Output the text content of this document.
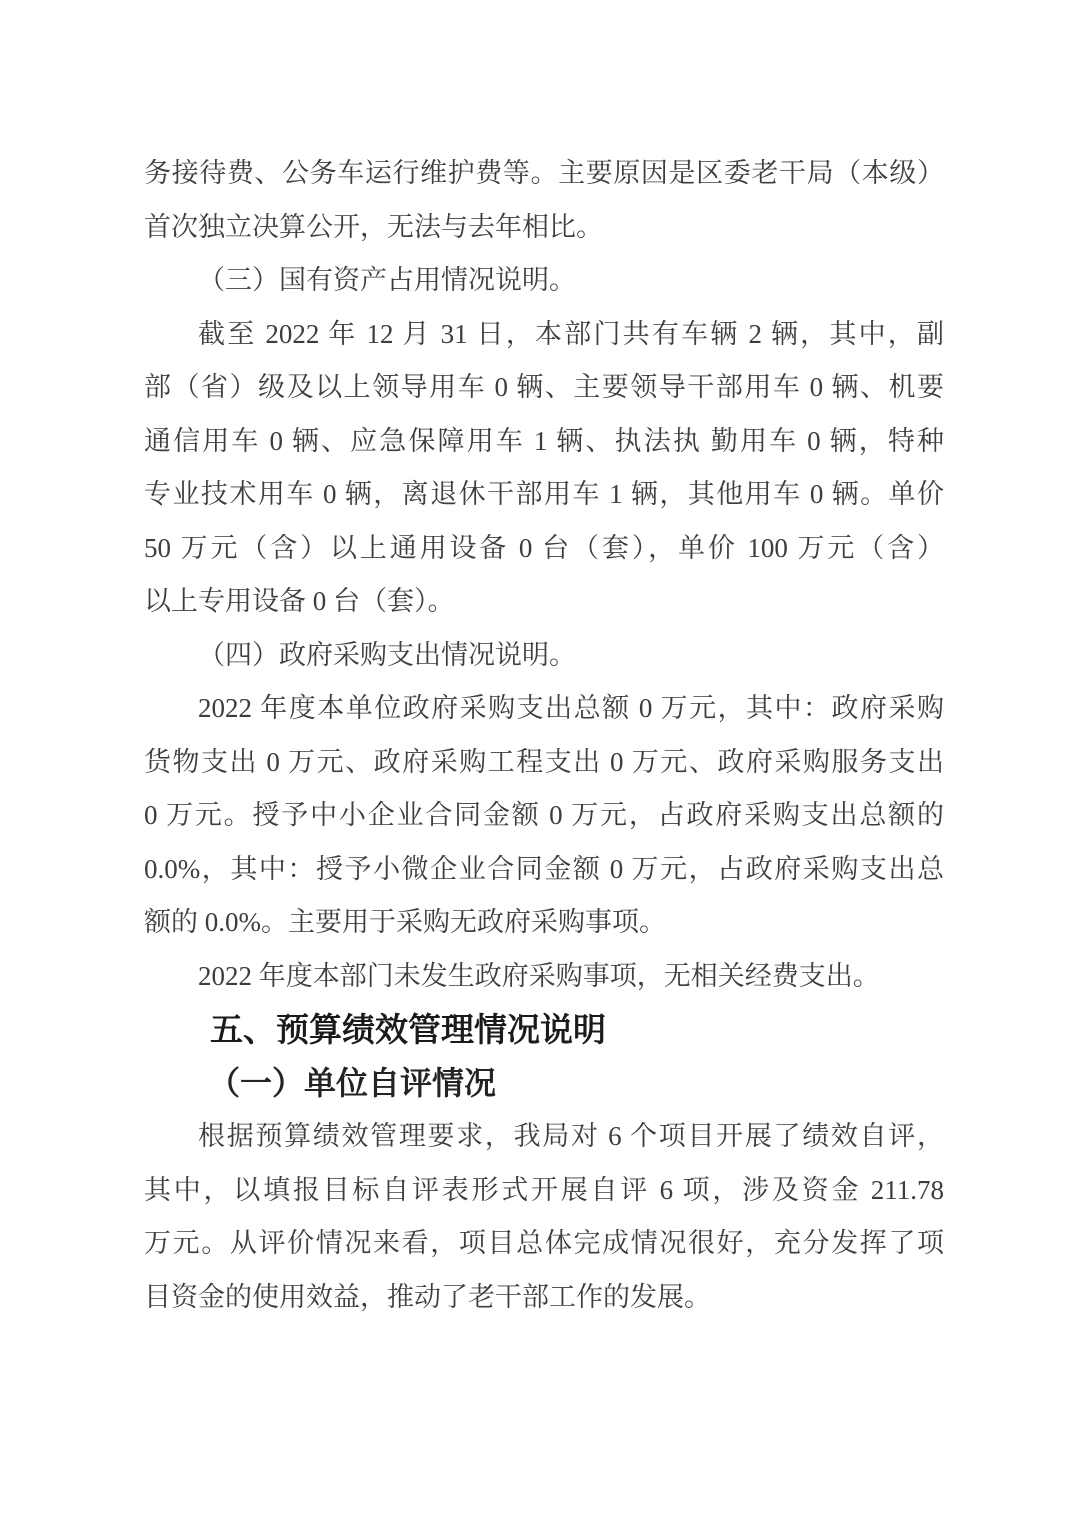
务接待费、公务车运行维护费等。主要原因是区委老干局（本级）
首次独立决算公开，无法与去年相比。
（三）国有资产占用情况说明。
截至 2022 年 12 月 31 日，本部门共有车辆 2 辆，其中，副
部（省）级及以上领导用车 0 辆、主要领导干部用车 0 辆、机要
通信用车 0 辆、应急保障用车 1 辆、执法执 勤用车 0 辆，特种
专业技术用车 0 辆，离退休干部用车 1 辆，其他用车 0 辆。单价
50 万元（含）以上通用设备 0 台（套），单价 100 万元（含）
以上专用设备 0 台（套）。
（四）政府采购支出情况说明。
2022 年度本单位政府采购支出总额 0 万元，其中：政府采购
货物支出 0 万元、政府采购工程支出 0 万元、政府采购服务支出
0 万元。授予中小企业合同金额 0 万元，占政府采购支出总额的
0.0%，其中：授予小微企业合同金额 0 万元，占政府采购支出总
额的 0.0%。主要用于采购无政府采购事项。
2022 年度本部门未发生政府采购事项，无相关经费支出。
五、预算绩效管理情况说明
（一）单位自评情况
根据预算绩效管理要求，我局对 6 个项目开展了绩效自评，
其中，以填报目标自评表形式开展自评 6 项，涉及资金 211.78
万元。从评价情况来看，项目总体完成情况很好，充分发挥了项
目资金的使用效益，推动了老干部工作的发展。
